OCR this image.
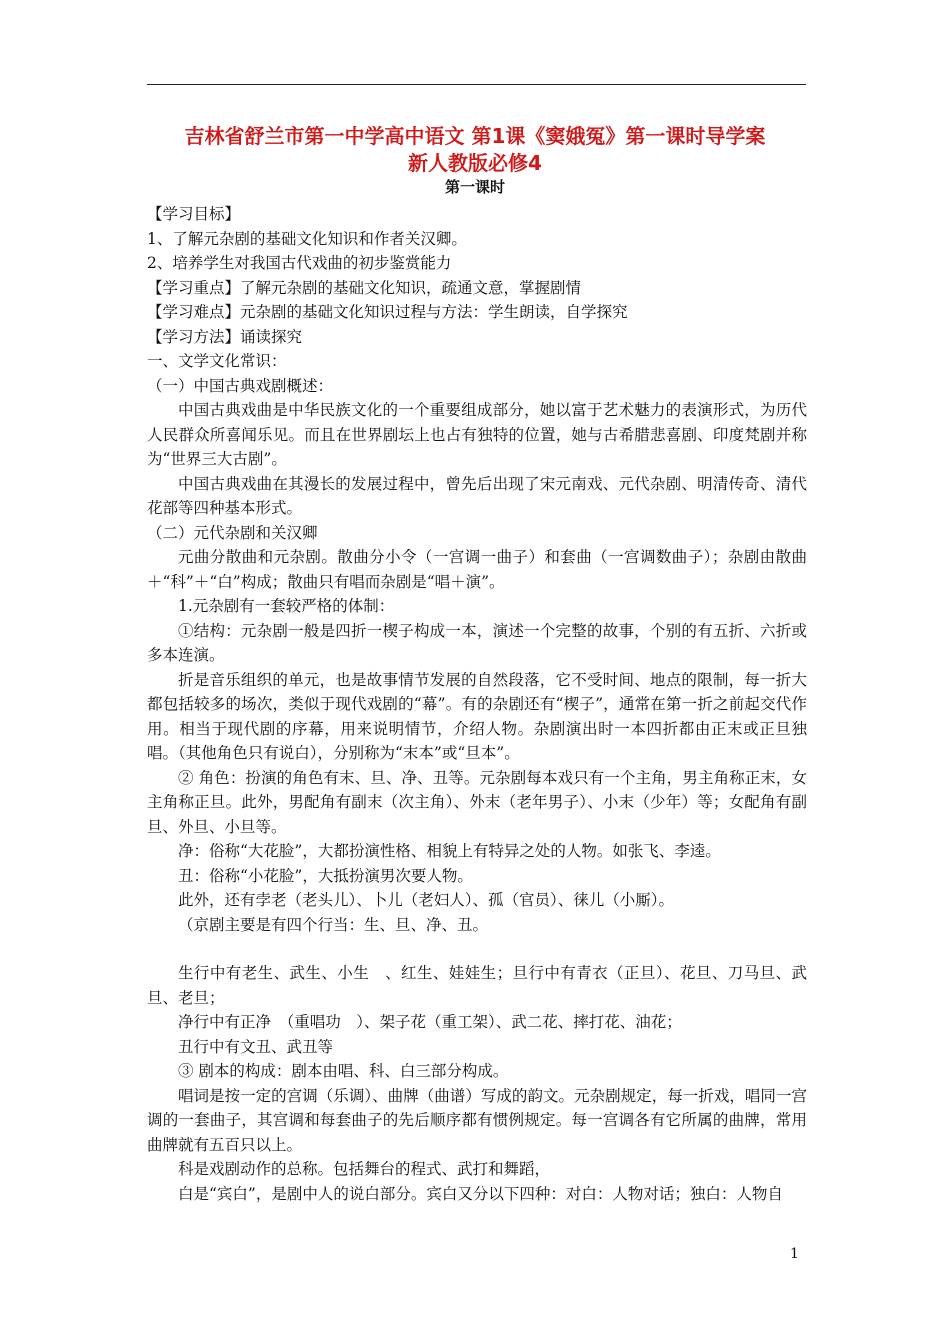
吉林省舒兰市第一中学高中语文 第1课《窦娥冤》第一课时导学案
新人教版必修4
第一课时

【学习目标】

1、了解元杂剧的基础文化知识和作者关汉卿。

2、培养学生对我国古代戏曲的初步鉴赏能力

【学习重点】了解元杂剧的基础文化知识，疏通文意，掌握剧情

【学习难点】元杂剧的基础文化知识过程与方法：学生朗读，自学探究

【学习方法】诵读探究

一、文学文化常识：

（一）中国古典戏剧概述：

中国古典戏曲是中华民族文化的一个重要组成部分，她以富于艺术魅力的表演形式，为历代人民群众所喜闻乐见。而且在世界剧坛上也占有独特的位置，她与古希腊悲喜剧、印度梵剧并称为“世界三大古剧”。

中国古典戏曲在其漫长的发展过程中，曾先后出现了宋元南戏、元代杂剧、明清传奇、清代花部等四种基本形式。

（二）元代杂剧和关汉卿

元曲分散曲和元杂剧。散曲分小令（一宫调一曲子）和套曲（一宫调数曲子）；杂剧由散曲＋“科”＋“白”构成；散曲只有唱而杂剧是“唱＋演”。

1.元杂剧有一套较严格的体制：

①结构：元杂剧一般是四折一楔子构成一本，演述一个完整的故事，个别的有五折、六折或多本连演。

折是音乐组织的单元，也是故事情节发展的自然段落，它不受时间、地点的限制，每一折大都包括较多的场次，类似于现代戏剧的“幕”。有的杂剧还有“楔子”，通常在第一折之前起交代作用。相当于现代剧的序幕，用来说明情节，介绍人物。杂剧演出时一本四折都由正末或正旦独唱。（其他角色只有说白），分别称为“末本”或“旦本”。

② 角色：扮演的角色有末、旦、净、丑等。元杂剧每本戏只有一个主角，男主角称正末，女主角称正旦。此外，男配角有副末（次主角）、外末（老年男子）、小末（少年）等；女配角有副旦、外旦、小旦等。

净：俗称“大花脸”，大都扮演性格、相貌上有特异之处的人物。如张飞、李逵。

丑：俗称“小花脸”，大抵扮演男次要人物。

此外，还有孛老（老头儿）、卜儿（老妇人）、孤（官员）、徕儿（小厮）。

（京剧主要是有四个行当：生、旦、净、丑。

生行中有老生、武生、小生　、红生、娃娃生；旦行中有青衣（正旦）、花旦、刀马旦、武旦、老旦；

净行中有正净　（重唱功　）、架子花（重工架）、武二花、摔打花、油花；

丑行中有文丑、武丑等

③ 剧本的构成：剧本由唱、科、白三部分构成。

唱词是按一定的宫调（乐调）、曲牌（曲谱）写成的韵文。元杂剧规定，每一折戏，唱同一宫调的一套曲子，其宫调和每套曲子的先后顺序都有惯例规定。每一宫调各有它所属的曲牌，常用曲牌就有五百只以上。

科是戏剧动作的总称。包括舞台的程式、武打和舞蹈，

白是“宾白”，是剧中人的说白部分。宾白又分以下四种：对白：人物对话；独白：人物自

1
